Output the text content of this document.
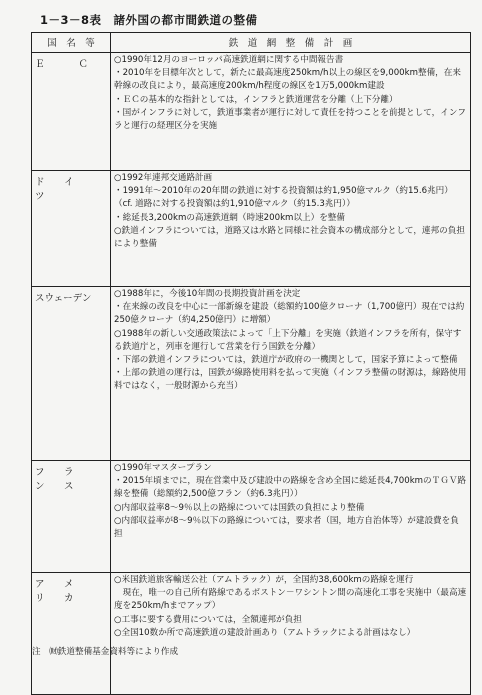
1－3－8表　諸外国の都市間鉄道の整備
国　名　等	鉄　道　網　整　備　計　画
Ｅ　　Ｃ	○1990年12月のヨーロッパ高速鉄道網に関する中間報告書
・2010年を目標年次として，新たに最高速度250km/h以上の線区を9,000km整備，在来幹線の改良により，最高速度200km/h程度の線区を1万5,000km建設
・ＥＣの基本的な指針としては，インフラと鉄道運営を分離（上下分離）
・国がインフラに対して，鉄道事業者が運行に対して責任を持つことを前提として，インフラと運行の経理区分を実施

ド　イ　ツ	○1992年連邦交通路計画
・1991年～2010年の20年間の鉄道に対する投資額は約1,950億マルク（約15.6兆円）（cf. 道路に対する投資額は約1,910億マルク（約15.3兆円））
・総延長3,200kmの高速鉄道網（時速200km以上）を整備
○鉄道インフラについては，道路又は水路と同様に社会資本の構成部分として，連邦の負担により整備

スウェーデン	○1988年に，今後10年間の長期投資計画を決定
・在来線の改良を中心に一部新線を建設（総額約100億クローナ（1,700億円）現在では約250億クローナ（約4,250億円）に増額）
○1988年の新しい交通政策法によって「上下分離」を実施（鉄道インフラを所有，保守する鉄道庁と，列車を運行して営業を行う国鉄を分離）
・下部の鉄道インフラについては，鉄道庁が政府の一機関として，国家予算によって整備
・上部の鉄道の運行は，国鉄が線路使用料を払って実施（インフラ整備の財源は，線路使用料ではなく，一般財源から充当）

フ　ラ　ン　ス	○1990年マスタープラン
・2015年頃までに，現在営業中及び建設中の路線を含め全国に総延長4,700kmのＴＧＶ路線を整備（総額約2,500億フラン（約6.3兆円））
○内部収益率8～9％以上の路線については国鉄の負担により整備
○内部収益率が8～9％以下の路線については，要求者（国，地方自治体等）が建設費を負担

ア　メ　リ　カ	○米国鉄道旅客輸送公社（アムトラック）が，全国約38,600kmの路線を運行
　現在，唯一の自己所有路線であるボストン－ワシントン間の高速化工事を実施中（最高速度を250km/hまでアップ）
○工事に要する費用については，全額連邦が負担
○全国10数か所で高速鉄道の建設計画あり（アムトラックによる計画はなし）
注　㈶鉄道整備基金資料等により作成
